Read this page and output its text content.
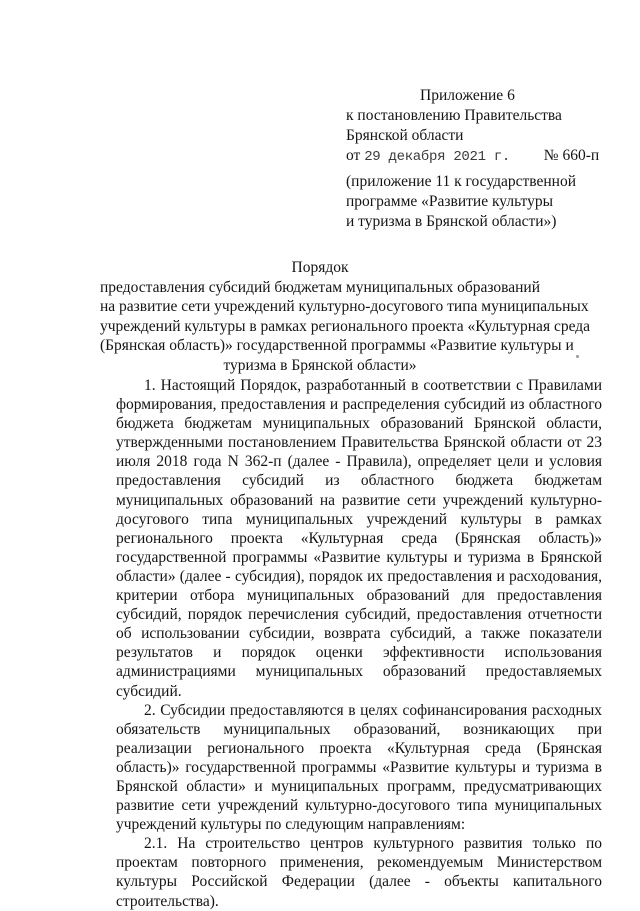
Приложение 6
к постановлению Правительства
Брянской области
от 29 декабря 2021 г. № 660-п
(приложение 11 к государственной
программе «Развитие культуры
и туризма в Брянской области»)
Порядок
предоставления субсидий бюджетам муниципальных образований
на развитие сети учреждений культурно-досугового типа муниципальных
учреждений культуры в рамках регионального проекта «Культурная среда
(Брянская область)» государственной программы «Развитие культуры и
туризма в Брянской области»

1. Настоящий Порядок, разработанный в соответствии с Правилами формирования, предоставления и распределения субсидий из областного бюджета бюджетам муниципальных образований Брянской области, утвержденными постановлением Правительства Брянской области от 23 июля 2018 года N 362-п (далее - Правила), определяет цели и условия предоставления субсидий из областного бюджета бюджетам муниципальных образований на развитие сети учреждений культурно-досугового типа муниципальных учреждений культуры в рамках регионального проекта «Культурная среда (Брянская область)» государственной программы «Развитие культуры и туризма в Брянской области» (далее - субсидия), порядок их предоставления и расходования, критерии отбора муниципальных образований для предоставления субсидий, порядок перечисления субсидий, предоставления отчетности об использовании субсидии, возврата субсидий, а также показатели результатов и порядок оценки эффективности использования администрациями муниципальных образований предоставляемых субсидий.

2. Субсидии предоставляются в целях софинансирования расходных обязательств муниципальных образований, возникающих при реализации регионального проекта «Культурная среда (Брянская область)» государственной программы «Развитие культуры и туризма в Брянской области» и муниципальных программ, предусматривающих развитие сети учреждений культурно-досугового типа муниципальных учреждений культуры по следующим направлениям:

2.1. На строительство центров культурного развития только по проектам повторного применения, рекомендуемым Министерством культуры Российской Федерации (далее - объекты капитального строительства).
